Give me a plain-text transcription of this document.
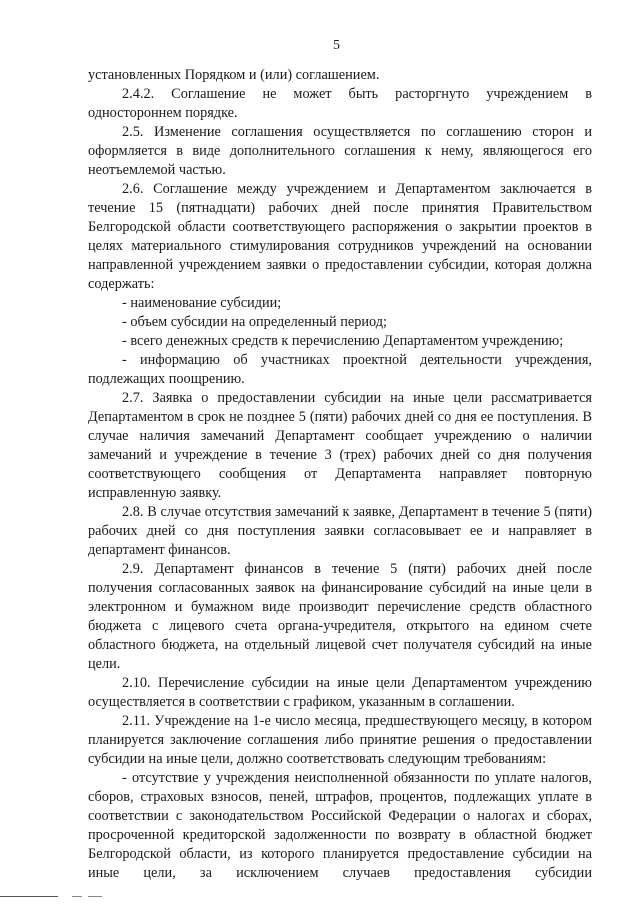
5

установленных Порядком и (или) соглашением.

2.4.2. Соглашение не может быть расторгнуто учреждением в одностороннем порядке.

2.5. Изменение соглашения осуществляется по соглашению сторон и оформляется в виде дополнительного соглашения к нему, являющегося его неотъемлемой частью.

2.6. Соглашение между учреждением и Департаментом заключается в течение 15 (пятнадцати) рабочих дней после принятия Правительством Белгородской области соответствующего распоряжения о закрытии проектов в целях материального стимулирования сотрудников учреждений на основании направленной учреждением заявки о предоставлении субсидии, которая должна содержать:

- наименование субсидии;

- объем субсидии на определенный период;

- всего денежных средств к перечислению Департаментом учреждению;

- информацию об участниках проектной деятельности учреждения, подлежащих поощрению.

2.7. Заявка о предоставлении субсидии на иные цели рассматривается Департаментом в срок не позднее 5 (пяти) рабочих дней со дня ее поступления. В случае наличия замечаний Департамент сообщает учреждению о наличии замечаний и учреждение в течение 3 (трех) рабочих дней со дня получения соответствующего сообщения от Департамента направляет повторную исправленную заявку.

2.8. В случае отсутствия замечаний к заявке, Департамент в течение 5 (пяти) рабочих дней со дня поступления заявки согласовывает ее и направляет в департамент финансов.

2.9. Департамент финансов в течение 5 (пяти) рабочих дней после получения согласованных заявок на финансирование субсидий на иные цели в электронном и бумажном виде производит перечисление средств областного бюджета с лицевого счета органа-учредителя, открытого на едином счете областного бюджета, на отдельный лицевой счет получателя субсидий на иные цели.

2.10. Перечисление субсидии на иные цели Департаментом учреждению осуществляется в соответствии с графиком, указанным в соглашении.

2.11. Учреждение на 1-е число месяца, предшествующего месяцу, в котором планируется заключение соглашения либо принятие решения о предоставлении субсидии на иные цели, должно соответствовать следующим требованиям:

- отсутствие у учреждения неисполненной обязанности по уплате налогов, сборов, страховых взносов, пеней, штрафов, процентов, подлежащих уплате в соответствии с законодательством Российской Федерации о налогах и сборах, просроченной кредиторской задолженности по возврату в областной бюджет Белгородской области, из которого планируется предоставление субсидии на иные цели, за исключением случаев предоставления субсидии
